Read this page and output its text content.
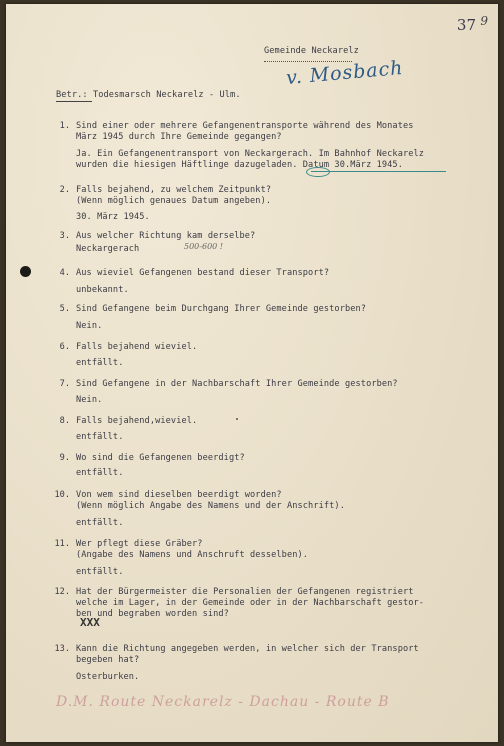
37 9
Gemeinde Neckarelz
v. Mosbach
Betr.: Todesmarsch Neckarelz - Ulm.
1. Sind einer oder mehrere Gefangenentransporte während des Monates
März 1945 durch Ihre Gemeinde gegangen?
Ja. Ein Gefangenentransport von Neckargerach. Im Bahnhof Neckarelz
wurden die hiesigen Häftlinge dazugeladen. Datum 30.März 1945.
2. Falls bejahend, zu welchem Zeitpunkt?
(Wenn möglich genaues Datum angeben).
30. März 1945.
3. Aus welcher Richtung kam derselbe?
Neckargerach	500-600 !
4. Aus wieviel Gefangenen bestand dieser Transport?
unbekannt.
5. Sind Gefangene beim Durchgang Ihrer Gemeinde gestorben?
Nein.
6. Falls bejahend wieviel.
entfällt.
7. Sind Gefangene in der Nachbarschaft Ihrer Gemeinde gestorben?
Nein.
8. Falls bejahend,wieviel.
entfällt.
9. Wo sind die Gefangenen beerdigt?
entfällt.
10. Von wem sind dieselben beerdigt worden?
(Wenn möglich Angabe des Namens und der Anschrift).
entfällt.
11. Wer pflegt diese Gräber?
(Angabe des Namens und Anschruft desselben).
entfällt.
12. Hat der Bürgermeister die Personalien der Gefangenen registriert
welche im Lager, in der Gemeinde oder in der Nachbarschaft gestor-
ben und begraben worden sind?
XXX
13. Kann die Richtung angegeben werden, in welcher sich der Transport
begeben hat?
Osterburken.
D.M. Route Neckarelz - Dachau - Route B
